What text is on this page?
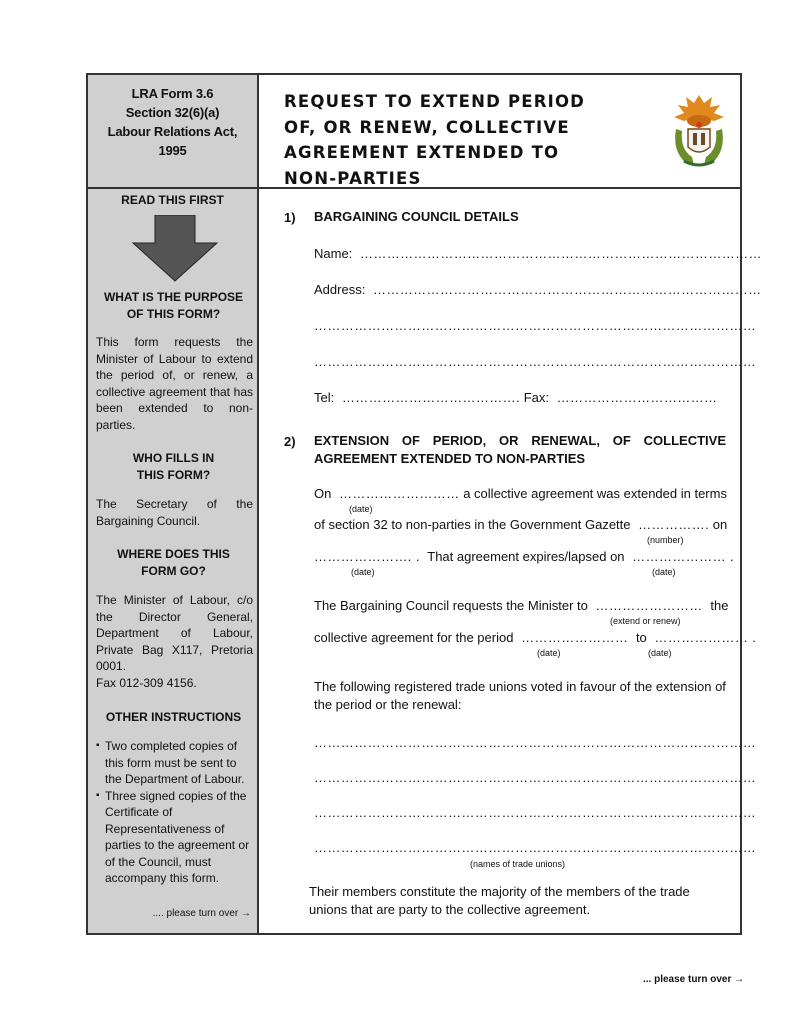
LRA Form 3.6
Section 32(6)(a)
Labour Relations Act,
1995
READ THIS FIRST
WHAT IS THE PURPOSE
OF THIS FORM?
This form requests the Minister of Labour to extend the period of, or renew, a collective agreement that has been extended to non-parties.
WHO FILLS IN
THIS FORM?
The Secretary of the Bargaining Council.
WHERE DOES THIS
FORM GO?
The Minister of Labour, c/o the Director General, Department of Labour, Private Bag X117, Pretoria 0001.
Fax 012-309 4156.
OTHER INSTRUCTIONS
▪ Two completed copies of this form must be sent to the Department of Labour.
▪ Three signed copies of the Certificate of Representativeness of parties to the agreement or of the Council, must accompany this form.
.... please turn over →
REQUEST TO EXTEND PERIOD
OF, OR RENEW, COLLECTIVE
AGREEMENT EXTENDED TO
NON-PARTIES
1) BARGAINING COUNCIL DETAILS
Name:  ………………………………………………………………………………
Address:  ……………………………………………………………………………
………………………………………………………………………………………
………………………………………………………………………………………
Tel:  …………………………………. Fax:  ………………………………
2) EXTENSION OF PERIOD, OR RENEWAL, OF COLLECTIVE
AGREEMENT EXTENDED TO NON-PARTIES
On  ……………………… a collective agreement was extended in terms
(date)
of section 32 to non-parties in the Government Gazette  ……………. on
(number)
…………………. .  That agreement expires/lapsed on  ………………… .
(date)	(date)
The Bargaining Council requests the Minister to  ……………………  the
(extend or renew)
collective agreement for the period  ……………………  to  ………………… .
(date)	(date)
The following registered trade unions voted in favour of the extension of
the period or the renewal:
………………………………………………………………………………………
………………………………………………………………………………………
………………………………………………………………………………………
………………………………………………………………………………………
(names of trade unions)
Their members constitute the majority of the members of the trade
unions that are party to the collective agreement.
... please turn over →
